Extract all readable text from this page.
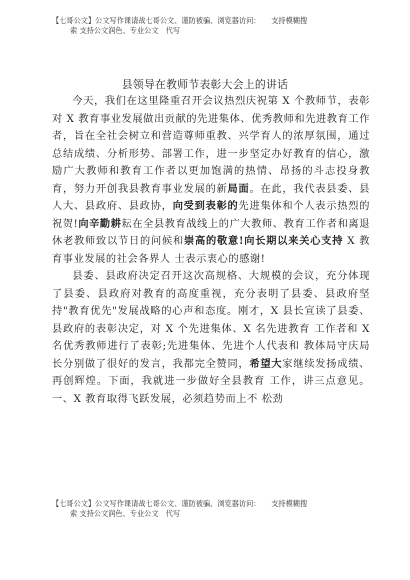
【七哥公文】公文写作课请战七哥公文、谨防被骗、浏览器访问：　　支持模糊搜
索 支持公文润色、专业公文　代写
县领导在教师节表彰大会上的讲话

今天，我们在这里隆重召开会议热烈庆祝第 X 个教师节，表彰对 X 教育事业发展做出贡献的先进集体、优秀教师和先进教育工作者，旨在全社会树立和营造尊师重教、兴学育人的浓厚氛围，通过总结成绩、分析形势、部署工作，进一步坚定办好教育的信心，激励广大教师和教育工作者以更加饱满的热情、昂扬的斗志投身教育，努力开创我县教育事业发展的新局面。在此，我代表县委、县人大、县政府、县政协，向受到表彰的先进集体和个人表示热烈的祝贺!向辛勤耕耘在全县教育战线上的广大教师、教育工作者和离退休老教师致以节日的问候和崇高的敬意!向长期以来关心支持 X 教育事业发展的社会各界人 士表示衷心的感谢!

县委、县政府决定召开这次高规格、大规模的会议，充分体现了县委、县政府对教育的高度重视，充分表明了县委、县政府坚持"教育优先"发展战略的心声和态度。刚才，X 县长宣读了县委、县政府的表彰决定，对 X 个先进集体、X 名先进教育 工作者和 X 名优秀教师进行了表彰;先进集体、先进个人代表和 教体局守庆局长分别做了很好的发言，我都完全赞同，希望大家继续发扬成绩、再创辉煌。下面，我就进一步做好全县教育 工作，讲三点意见。一、X 教育取得飞跃发展，必须趋势而上不 松劲

【七哥公文】公文写作课请战七哥公文、谨防被骗、浏览器访问：　　支持模糊搜
索 支持公文润色、专业公文　代写
